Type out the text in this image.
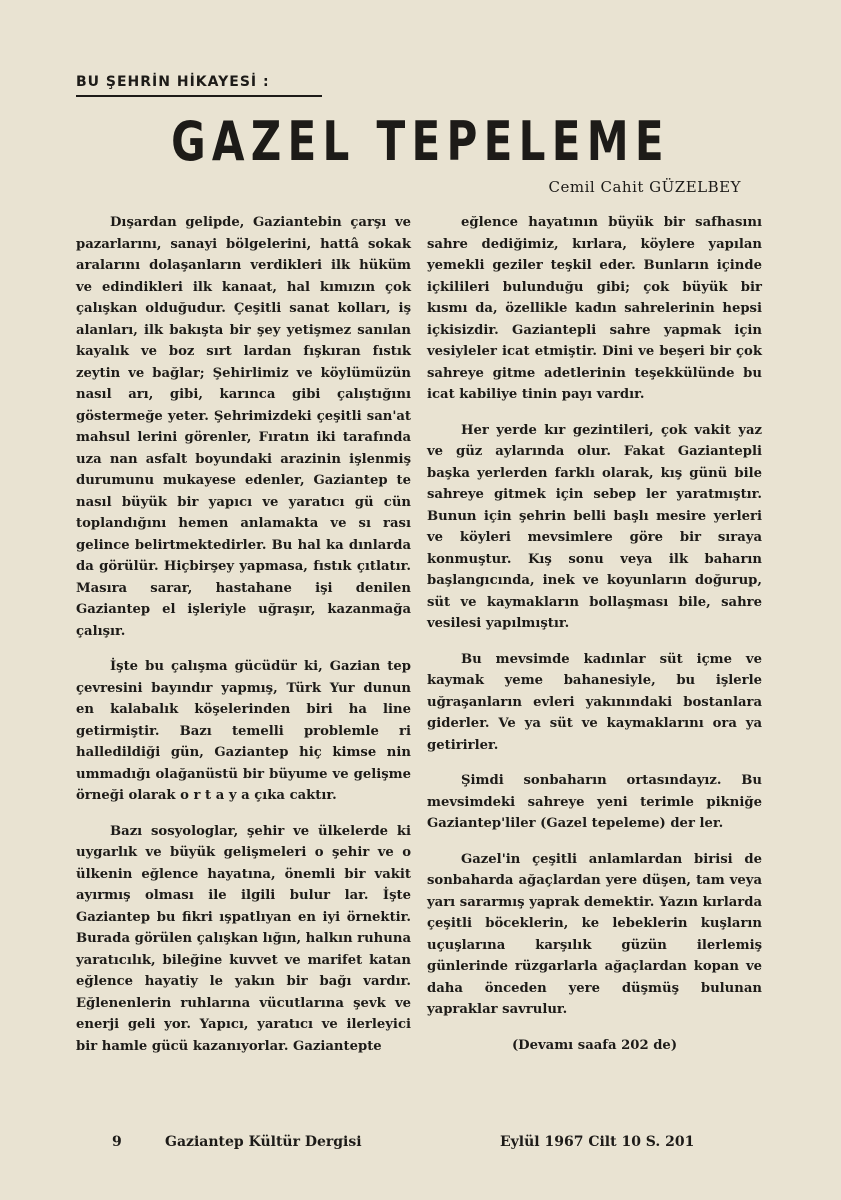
BU ŞEHRİN HİKAYESİ :
GAZEL TEPELEME
Cemil Cahit GÜZELBEY

Dışardan gelipde, Gaziantebin çarşı ve pazarlarını, sanayi bölgelerini, hattâ sokak aralarını dolaşanların verdikleri ilk hüküm ve edindikleri ilk kanaat, hal kımızın çok çalışkan olduğudur. Çeşitli sanat kolları, iş alanları, ilk bakışta bir şey yetişmez sanılan kayalık ve boz sırt lardan fışkıran fıstık zeytin ve bağlar; Şehirlimiz ve köylümüzün nasıl arı, gibi, karınca gibi çalıştığını göstermeğe yeter. Şehrimizdeki çeşitli san'at mahsul lerini görenler, Fıratın iki tarafında uza nan asfalt boyundaki arazinin işlenmiş durumunu mukayese edenler, Gaziantep te nasıl büyük bir yapıcı ve yaratıcı gü cün toplandığını hemen anlamakta ve sı rası gelince belirtmektedirler. Bu hal ka dınlarda da görülür. Hiçbirşey yapmasa, fıstık çıtlatır. Masıra sarar, hastahane işi denilen Gaziantep el işleriyle uğraşır, kazanmağa çalışır.

İşte bu çalışma gücüdür ki, Gazian tep çevresini bayındır yapmış, Türk Yur dunun en kalabalık köşelerinden biri ha line getirmiştir. Bazı temelli problemle ri halledildiği gün, Gaziantep hiç kimse nin ummadığı olağanüstü bir büyume ve gelişme örneği olarak o r t a y a çıka caktır.

Bazı sosyologlar, şehir ve ülkelerde ki uygarlık ve büyük gelişmeleri o şehir ve o ülkenin eğlence hayatına, önemli bir vakit ayırmış olması ile ilgili bulur lar. İşte Gaziantep bu fikri ışpatlıyan en iyi örnektir. Burada görülen çalışkan lığın, halkın ruhuna yaratıcılık, bileğine kuvvet ve marifet katan eğlence hayatiy le yakın bir bağı vardır. Eğlenenlerin ruhlarına vücutlarına şevk ve enerji geli yor. Yapıcı, yaratıcı ve ilerleyici bir hamle gücü kazanıyorlar. Gaziantepte

eğlence hayatının büyük bir safhasını sahre dediğimiz, kırlara, köylere yapılan yemekli geziler teşkil eder. Bunların içinde içkilileri bulunduğu gibi; çok büyük bir kısmı da, özellikle kadın sahrelerinin hepsi içkisizdir. Gaziantepli sahre yapmak için vesiyleler icat etmiştir. Dini ve beşeri bir çok sahreye gitme adetlerinin teşekkülünde bu icat kabiliye tinin payı vardır.

Her yerde kır gezintileri, çok vakit yaz ve güz aylarında olur. Fakat Gaziantepli başka yerlerden farklı olarak, kış günü bile sahreye gitmek için sebep ler yaratmıştır. Bunun için şehrin belli başlı mesire yerleri ve köyleri mevsimlere göre bir sıraya konmuştur. Kış sonu veya ilk baharın başlangıcında, inek ve koyunların doğurup, süt ve kaymakların bollaşması bile, sahre vesilesi yapılmıştır.

Bu mevsimde kadınlar süt içme ve kaymak yeme bahanesiyle, bu işlerle uğraşanların evleri yakınındaki bostanlara giderler. Ve ya süt ve kaymaklarını ora ya getirirler.

Şimdi sonbaharın ortasındayız. Bu mevsimdeki sahreye yeni terimle pikniğe Gaziantep'liler (Gazel tepeleme) der ler.

Gazel'in çeşitli anlamlardan birisi de sonbaharda ağaçlardan yere düşen, tam veya yarı sararmış yaprak demektir. Yazın kırlarda çeşitli böceklerin, ke lebeklerin kuşların uçuşlarına karşılık güzün ilerlemiş günlerinde rüzgarlarla ağaçlardan kopan ve daha önceden yere düşmüş bulunan yapraklar savrulur.

(Devamı saafa 202 de)

9	Gaziantep Kültür Dergisi	Eylül 1967 Cilt 10 S. 201
